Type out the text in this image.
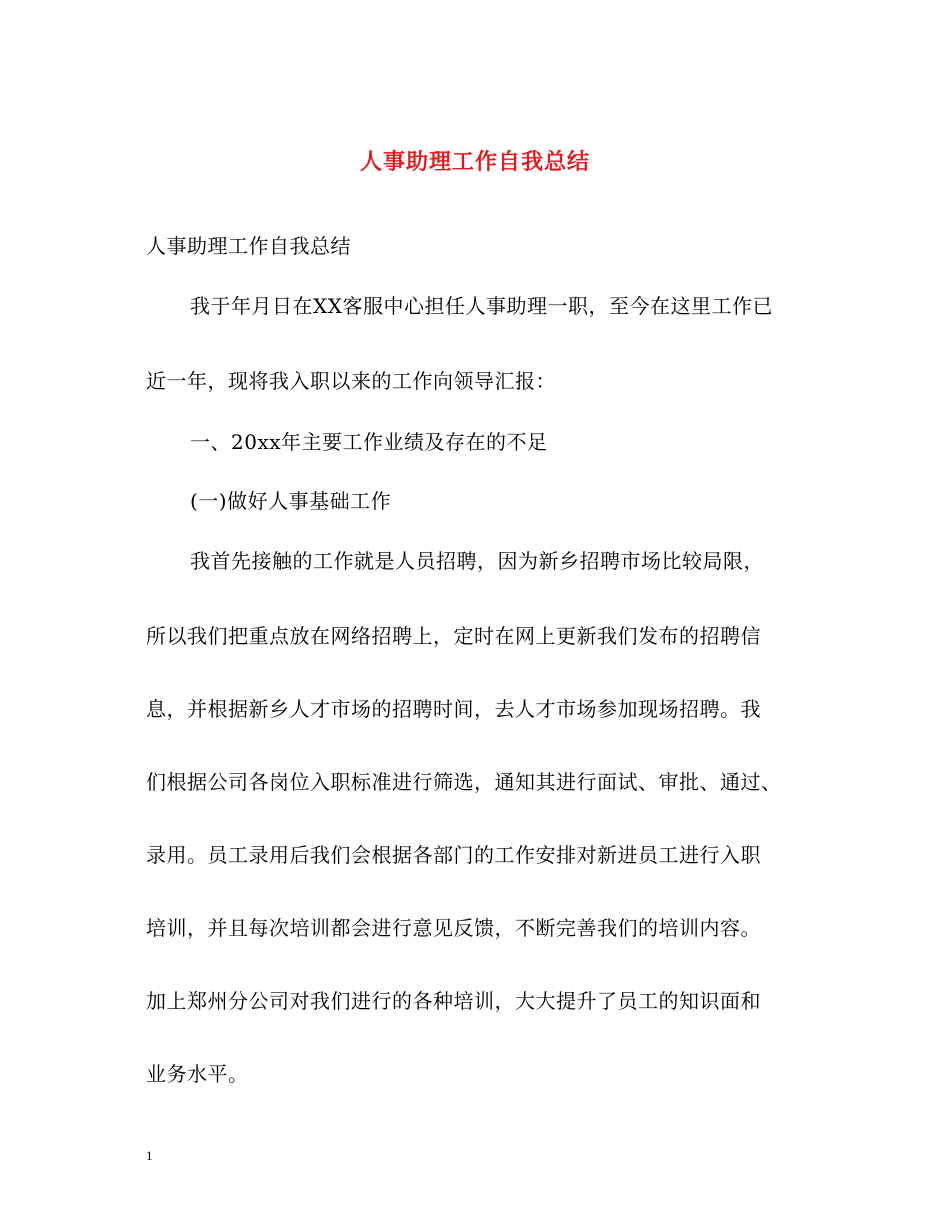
人事助理工作自我总结
人事助理工作自我总结
我于年月日在XX客服中心担任人事助理一职，至今在这里工作已
近一年，现将我入职以来的工作向领导汇报：
一、20xx年主要工作业绩及存在的不足
(一)做好人事基础工作
我首先接触的工作就是人员招聘，因为新乡招聘市场比较局限，
所以我们把重点放在网络招聘上，定时在网上更新我们发布的招聘信
息，并根据新乡人才市场的招聘时间，去人才市场参加现场招聘。我
们根据公司各岗位入职标准进行筛选，通知其进行面试、审批、通过、
录用。员工录用后我们会根据各部门的工作安排对新进员工进行入职
培训，并且每次培训都会进行意见反馈，不断完善我们的培训内容。
加上郑州分公司对我们进行的各种培训，大大提升了员工的知识面和
业务水平。
1
